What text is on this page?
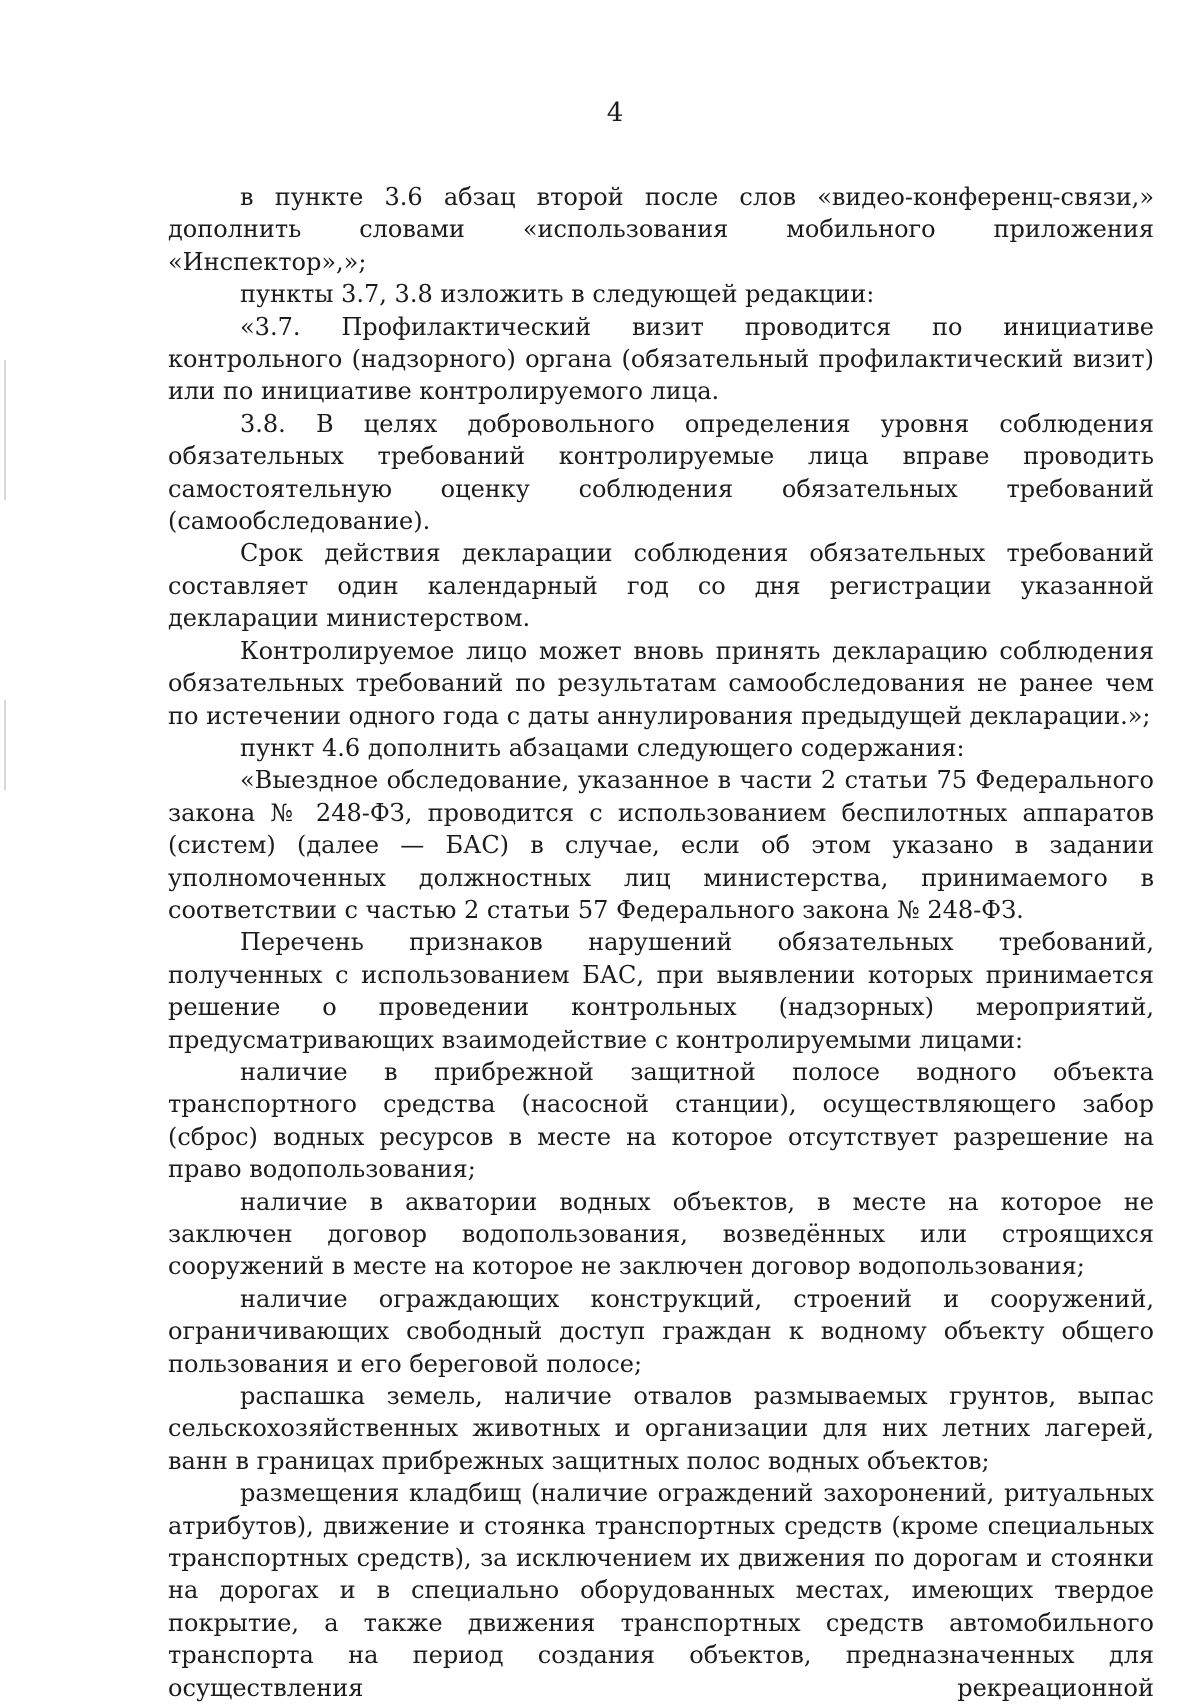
4

в пункте 3.6 абзац второй после слов «видео-конференц-связи,» дополнить словами «использования мобильного приложения «Инспектор»,»;

пункты 3.7, 3.8 изложить в следующей редакции:

«3.7. Профилактический визит проводится по инициативе контрольного (надзорного) органа (обязательный профилактический визит) или по инициативе контролируемого лица.

3.8. В целях добровольного определения уровня соблюдения обязательных требований контролируемые лица вправе проводить самостоятельную оценку соблюдения обязательных требований (самообследование).

Срок действия декларации соблюдения обязательных требований составляет один календарный год со дня регистрации указанной декларации министерством.

Контролируемое лицо может вновь принять декларацию соблюдения обязательных требований по результатам самообследования не ранее чем по истечении одного года с даты аннулирования предыдущей декларации.»;

пункт 4.6 дополнить абзацами следующего содержания:

«Выездное обследование, указанное в части 2 статьи 75 Федерального закона № 248-ФЗ, проводится с использованием беспилотных аппаратов (систем) (далее — БАС) в случае, если об этом указано в задании уполномоченных должностных лиц министерства, принимаемого в соответствии с частью 2 статьи 57 Федерального закона № 248-ФЗ.

Перечень признаков нарушений обязательных требований, полученных с использованием БАС, при выявлении которых принимается решение о проведении контрольных (надзорных) мероприятий, предусматривающих взаимодействие с контролируемыми лицами:

наличие в прибрежной защитной полосе водного объекта транспортного средства (насосной станции), осуществляющего забор (сброс) водных ресурсов в месте на которое отсутствует разрешение на право водопользования;

наличие в акватории водных объектов, в месте на которое не заключен договор водопользования, возведённых или строящихся сооружений в месте на которое не заключен договор водопользования;

наличие ограждающих конструкций, строений и сооружений, ограничивающих свободный доступ граждан к водному объекту общего пользования и его береговой полосе;

распашка земель, наличие отвалов размываемых грунтов, выпас сельскохозяйственных животных и организации для них летних лагерей, ванн в границах прибрежных защитных полос водных объектов;

размещения кладбищ (наличие ограждений захоронений, ритуальных атрибутов), движение и стоянка транспортных средств (кроме специальных транспортных средств), за исключением их движения по дорогам и стоянки на дорогах и в специально оборудованных местах, имеющих твердое покрытие, а также движения транспортных средств автомобильного транспорта на период создания объектов, предназначенных для осуществления рекреационной
